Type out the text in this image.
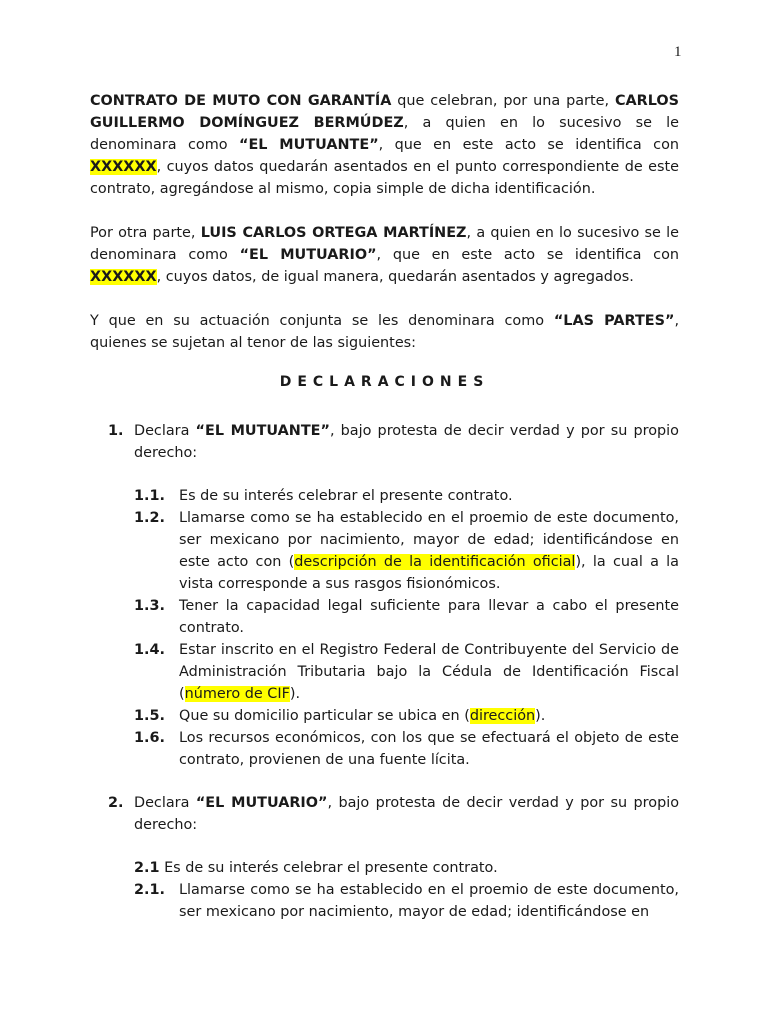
1
CONTRATO DE MUTO CON GARANTÍA que celebran, por una parte, CARLOS GUILLERMO DOMÍNGUEZ BERMÚDEZ, a quien en lo sucesivo se le denominara como “EL MUTUANTE”, que en este acto se identifica con XXXXXX, cuyos datos quedarán asentados en el punto correspondiente de este contrato, agregándose al mismo, copia simple de dicha identificación.
Por otra parte, LUIS CARLOS ORTEGA MARTÍNEZ, a quien en lo sucesivo se le denominara como “EL MUTUARIO”, que en este acto se identifica con XXXXXX, cuyos datos, de igual manera, quedarán asentados y agregados.
Y que en su actuación conjunta se les denominara como “LAS PARTES”, quienes se sujetan al tenor de las siguientes:
DECLARACIONES
1. Declara “EL MUTUANTE”, bajo protesta de decir verdad y por su propio derecho:
1.1. Es de su interés celebrar el presente contrato.
1.2. Llamarse como se ha establecido en el proemio de este documento, ser mexicano por nacimiento, mayor de edad; identificándose en este acto con (descripción de la identificación oficial), la cual a la vista corresponde a sus rasgos fisionómicos.
1.3. Tener la capacidad legal suficiente para llevar a cabo el presente contrato.
1.4. Estar inscrito en el Registro Federal de Contribuyente del Servicio de Administración Tributaria bajo la Cédula de Identificación Fiscal (número de CIF).
1.5. Que su domicilio particular se ubica en (dirección).
1.6. Los recursos económicos, con los que se efectuará el objeto de este contrato, provienen de una fuente lícita.
2. Declara “EL MUTUARIO”, bajo protesta de decir verdad y por su propio derecho:
2.1 Es de su interés celebrar el presente contrato.
2.1. Llamarse como se ha establecido en el proemio de este documento, ser mexicano por nacimiento, mayor de edad; identificándose en
